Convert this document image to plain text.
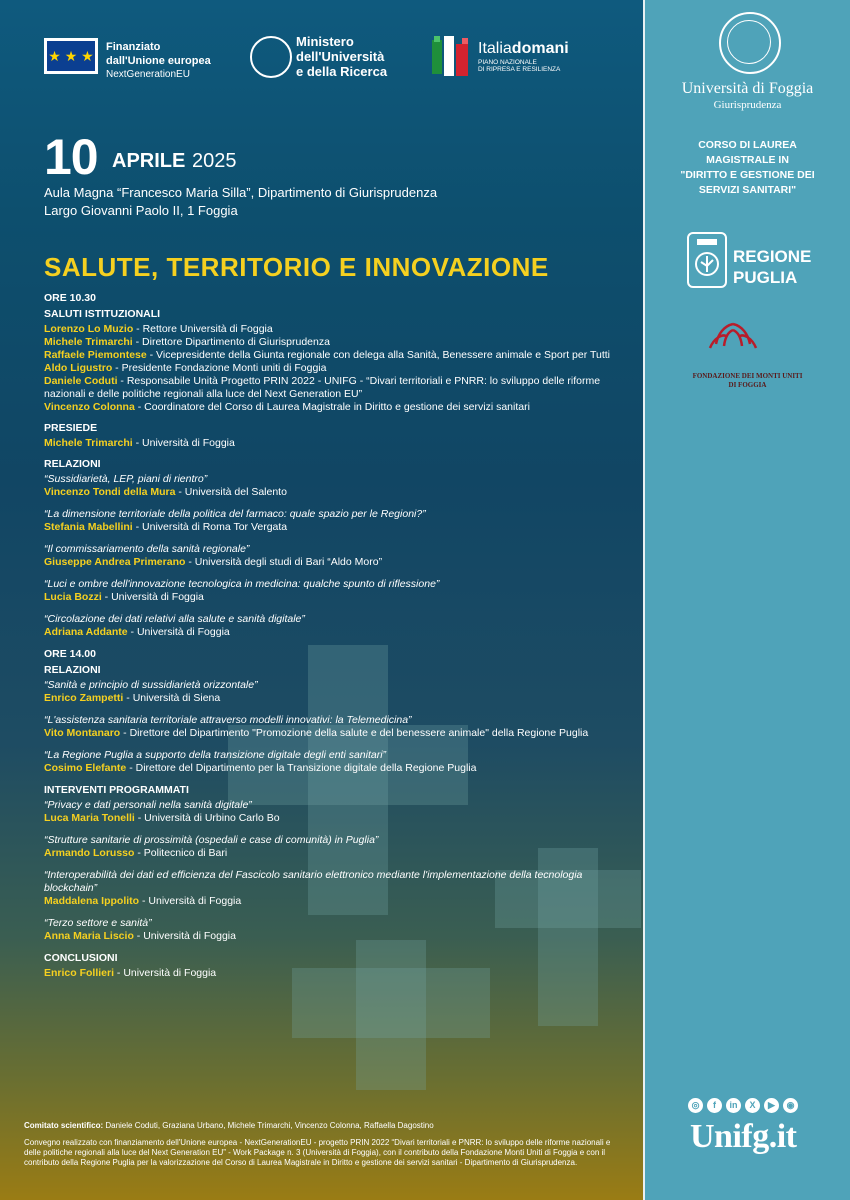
★ ★ ★
Finanziato
dall'Unione europea
NextGenerationEU
Ministero
dell'Università
e della Ricerca
Italiadomani
PIANO NAZIONALE
DI RIPRESA E RESILIENZA
10 APRILE 2025
Aula Magna “Francesco Maria Silla”, Dipartimento di Giurisprudenza
Largo Giovanni Paolo II, 1 Foggia
SALUTE, TERRITORIO E INNOVAZIONE
ORE 10.30
SALUTI ISTITUZIONALI
Lorenzo Lo Muzio - Rettore Università di Foggia
Michele Trimarchi - Direttore Dipartimento di Giurisprudenza
Raffaele Piemontese - Vicepresidente della Giunta regionale con delega alla Sanità, Benessere animale e Sport per Tutti
Aldo Ligustro - Presidente Fondazione Monti uniti di Foggia
Daniele Coduti - Responsabile Unità Progetto PRIN 2022 - UNIFG - “Divari territoriali e PNRR: lo sviluppo delle riforme nazionali e delle politiche regionali alla luce del Next Generation EU”
Vincenzo Colonna - Coordinatore del Corso di Laurea Magistrale in Diritto e gestione dei servizi sanitari
PRESIEDE
Michele Trimarchi - Università di Foggia
RELAZIONI
“Sussidiarietà, LEP, piani di rientro”
Vincenzo Tondi della Mura - Università del Salento
“La dimensione territoriale della politica del farmaco: quale spazio per le Regioni?”
Stefania Mabellini - Università di Roma Tor Vergata
“Il commissariamento della sanità regionale”
Giuseppe Andrea Primerano - Università degli studi di Bari “Aldo Moro”
“Luci e ombre dell'innovazione tecnologica in medicina: qualche spunto di riflessione”
Lucia Bozzi - Università di Foggia
“Circolazione dei dati relativi alla salute e sanità digitale”
Adriana Addante - Università di Foggia
ORE 14.00
RELAZIONI
“Sanità e principio di sussidiarietà orizzontale”
Enrico Zampetti - Università di Siena
“L'assistenza sanitaria territoriale attraverso modelli innovativi: la Telemedicina”
Vito Montanaro - Direttore del Dipartimento "Promozione della salute e del benessere animale" della Regione Puglia
“La Regione Puglia a supporto della transizione digitale degli enti sanitari”
Cosimo Elefante - Direttore del Dipartimento per la Transizione digitale della Regione Puglia
INTERVENTI PROGRAMMATI
“Privacy e dati personali nella sanità digitale”
Luca Maria Tonelli - Università di Urbino Carlo Bo
“Strutture sanitarie di prossimità (ospedali e case di comunità) in Puglia”
Armando Lorusso - Politecnico di Bari
“Interoperabilità dei dati ed efficienza del Fascicolo sanitario elettronico mediante l'implementazione della tecnologia blockchain”
Maddalena Ippolito - Università di Foggia
“Terzo settore e sanità”
Anna Maria Liscio - Università di Foggia
CONCLUSIONI
Enrico Follieri - Università di Foggia
Comitato scientifico: Daniele Coduti, Graziana Urbano, Michele Trimarchi, Vincenzo Colonna, Raffaella Dagostino
Convegno realizzato con finanziamento dell'Unione europea - NextGenerationEU - progetto PRIN 2022 “Divari territoriali e PNRR: lo sviluppo delle riforme nazionali e delle politiche regionali alla luce del Next Generation EU” - Work Package n. 3 (Università di Foggia), con il contributo della Fondazione Monti Uniti di Foggia e con il contributo della Regione Puglia per la valorizzazione del Corso di Laurea Magistrale in Diritto e gestione dei servizi sanitari - Dipartimento di Giurisprudenza.
Università di Foggia
Giurisprudenza
CORSO DI LAUREA
MAGISTRALE IN
"DIRITTO E GESTIONE DEI
SERVIZI SANITARI"
REGIONE
PUGLIA
FONDAZIONE DEI MONTI UNITI
DI FOGGIA
◎	f	in	X	▶	◉
Unifg.it
